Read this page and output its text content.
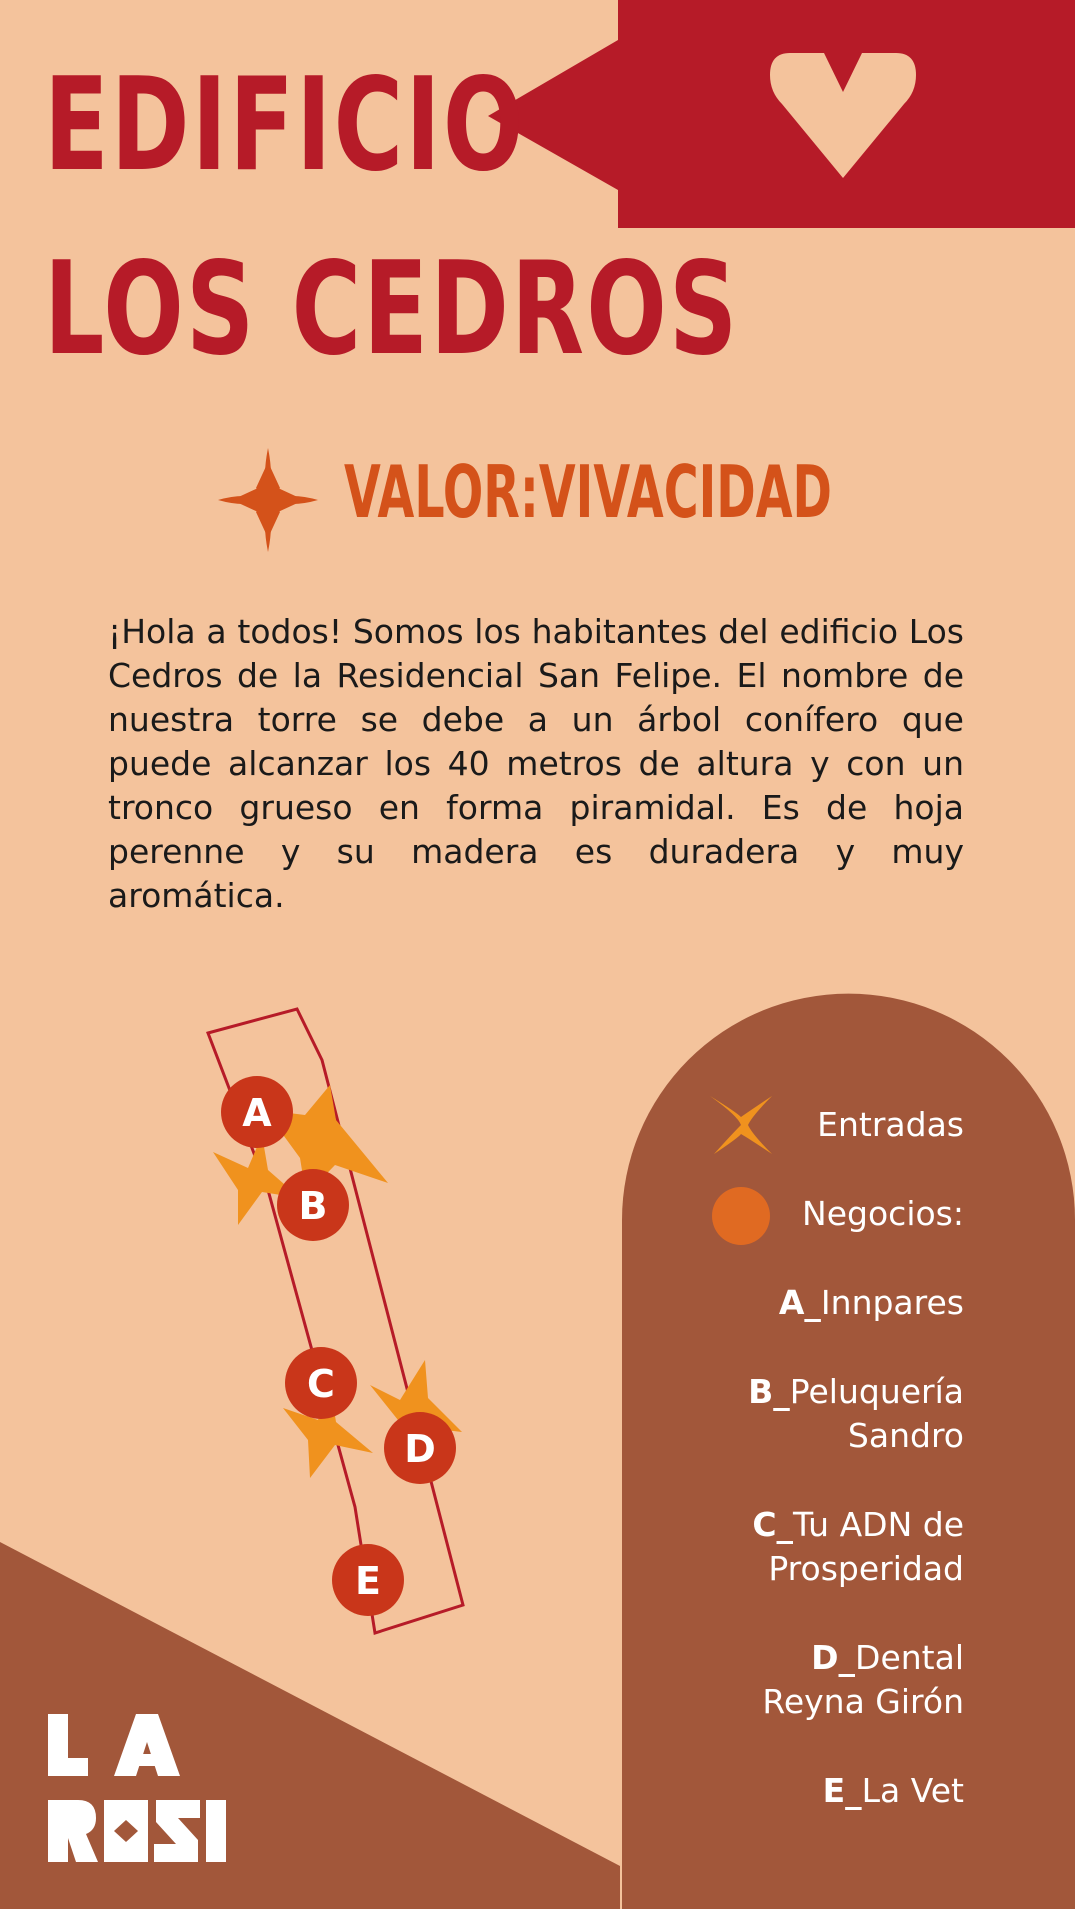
EDIFICIO
LOS CEDROS
VALOR:VIVACIDAD

¡Hola a todos! Somos los habitantes del edificio Los Cedros de la Residencial San Felipe. El nombre de nuestra torre se debe a un árbol conífero que puede alcanzar los 40 metros de altura y con un tronco grueso en forma piramidal. Es de hoja perenne y su madera es duradera y muy aromática.

A
B
C
D
E
Entradas
Negocios:
A_Innpares
B_Peluquería
Sandro
C_Tu ADN de
Prosperidad
D_Dental
Reyna Girón
E_La Vet
